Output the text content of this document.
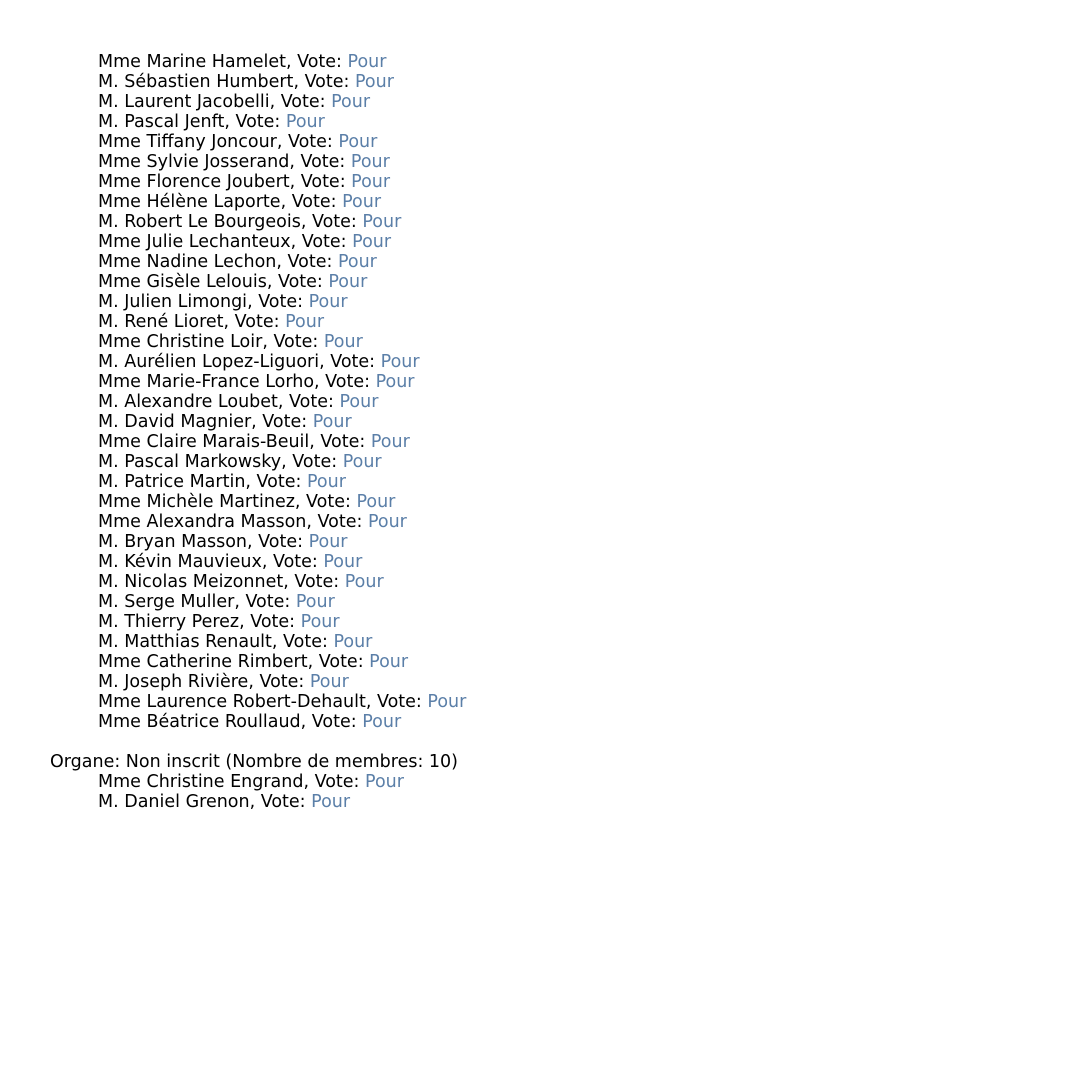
Mme Marine Hamelet, Vote: Pour
M. Sébastien Humbert, Vote: Pour
M. Laurent Jacobelli, Vote: Pour
M. Pascal Jenft, Vote: Pour
Mme Tiffany Joncour, Vote: Pour
Mme Sylvie Josserand, Vote: Pour
Mme Florence Joubert, Vote: Pour
Mme Hélène Laporte, Vote: Pour
M. Robert Le Bourgeois, Vote: Pour
Mme Julie Lechanteux, Vote: Pour
Mme Nadine Lechon, Vote: Pour
Mme Gisèle Lelouis, Vote: Pour
M. Julien Limongi, Vote: Pour
M. René Lioret, Vote: Pour
Mme Christine Loir, Vote: Pour
M. Aurélien Lopez-Liguori, Vote: Pour
Mme Marie-France Lorho, Vote: Pour
M. Alexandre Loubet, Vote: Pour
M. David Magnier, Vote: Pour
Mme Claire Marais-Beuil, Vote: Pour
M. Pascal Markowsky, Vote: Pour
M. Patrice Martin, Vote: Pour
Mme Michèle Martinez, Vote: Pour
Mme Alexandra Masson, Vote: Pour
M. Bryan Masson, Vote: Pour
M. Kévin Mauvieux, Vote: Pour
M. Nicolas Meizonnet, Vote: Pour
M. Serge Muller, Vote: Pour
M. Thierry Perez, Vote: Pour
M. Matthias Renault, Vote: Pour
Mme Catherine Rimbert, Vote: Pour
M. Joseph Rivière, Vote: Pour
Mme Laurence Robert-Dehault, Vote: Pour
Mme Béatrice Roullaud, Vote: Pour
Organe: Non inscrit (Nombre de membres: 10)
Mme Christine Engrand, Vote: Pour
M. Daniel Grenon, Vote: Pour
